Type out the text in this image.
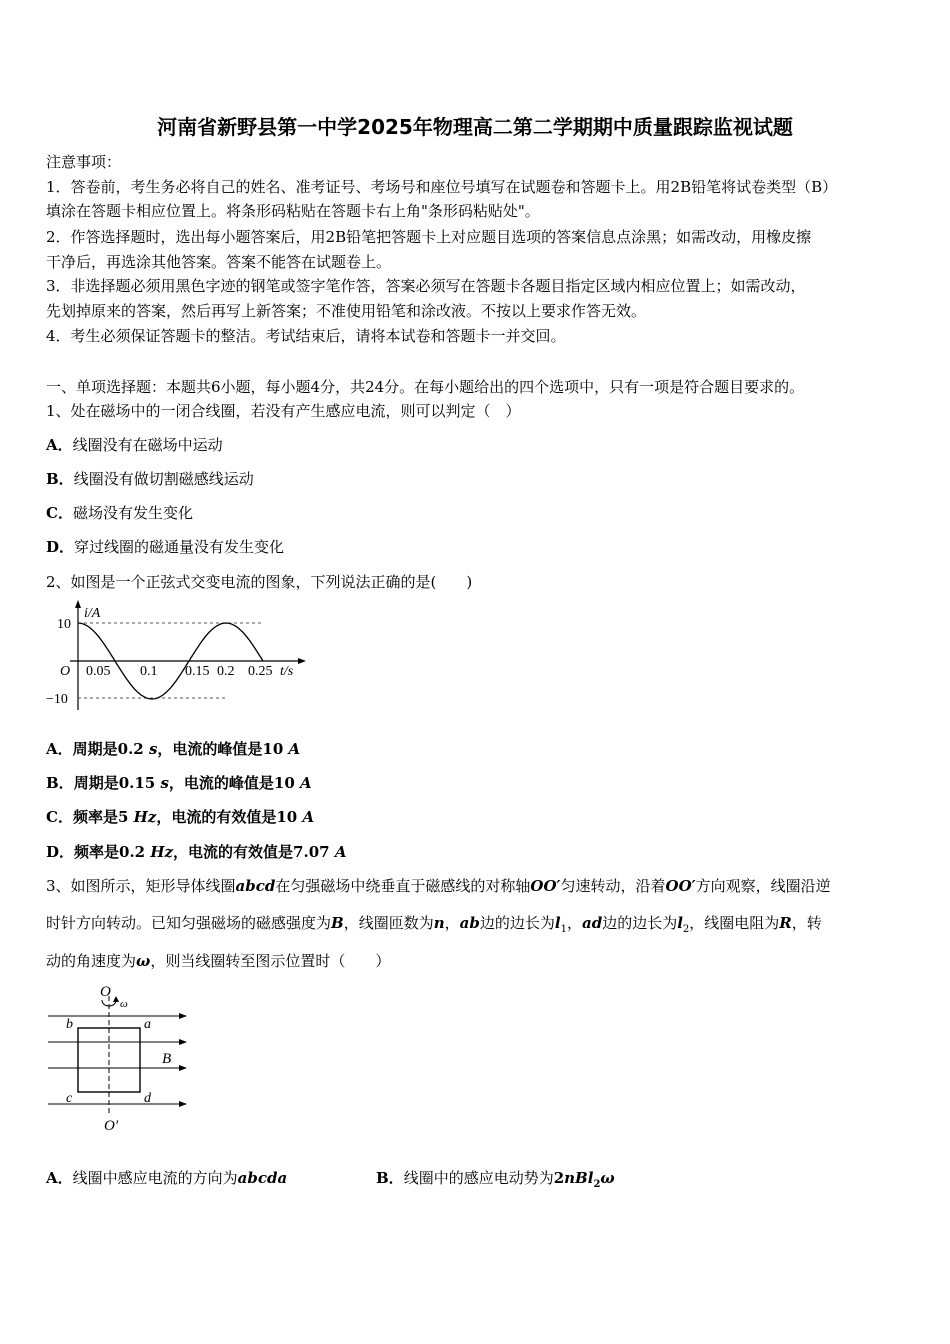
河南省新野县第一中学2025年物理高二第二学期期中质量跟踪监视试题
注意事项：
1．答卷前，考生务必将自己的姓名、准考证号、考场号和座位号填写在试题卷和答题卡上。用2B铅笔将试卷类型（B）
填涂在答题卡相应位置上。将条形码粘贴在答题卡右上角"条形码粘贴处"。
2．作答选择题时，选出每小题答案后，用2B铅笔把答题卡上对应题目选项的答案信息点涂黑；如需改动，用橡皮擦
干净后，再选涂其他答案。答案不能答在试题卷上。
3．非选择题必须用黑色字迹的钢笔或签字笔作答，答案必须写在答题卡各题目指定区域内相应位置上；如需改动，
先划掉原来的答案，然后再写上新答案；不准使用铅笔和涂改液。不按以上要求作答无效。
4．考生必须保证答题卡的整洁。考试结束后，请将本试卷和答题卡一并交回。
一、单项选择题：本题共6小题，每小题4分，共24分。在每小题给出的四个选项中，只有一项是符合题目要求的。
1、处在磁场中的一闭合线圈，若没有产生感应电流，则可以判定（　）
A．线圈没有在磁场中运动
B．线圈没有做切割磁感线运动
C．磁场没有发生变化
D．穿过线圈的磁通量没有发生变化
2、如图是一个正弦式交变电流的图象，下列说法正确的是(　　)
i/A
10
−10
O 0.05 0.1 0.15 0.2 0.25 t/s
A．周期是0.2 s，电流的峰值是10 A
B．周期是0.15 s，电流的峰值是10 A
C．频率是5 Hz，电流的有效值是10 A
D．频率是0.2 Hz，电流的有效值是7.07 A
3、如图所示，矩形导体线圈abcd在匀强磁场中绕垂直于磁感线的对称轴OO′匀速转动，沿着OO′方向观察，线圈沿逆
时针方向转动。已知匀强磁场的磁感强度为B，线圈匝数为n，ab边的边长为$l_1$，ad边的边长为$l_2$，线圈电阻为R，转
动的角速度为ω，则当线圈转至图示位置时（　　）
O
ω
b	a
c	d
B
O′
A．线圈中感应电流的方向为abcda	B．线圈中的感应电动势为2nBl$_2$ω
